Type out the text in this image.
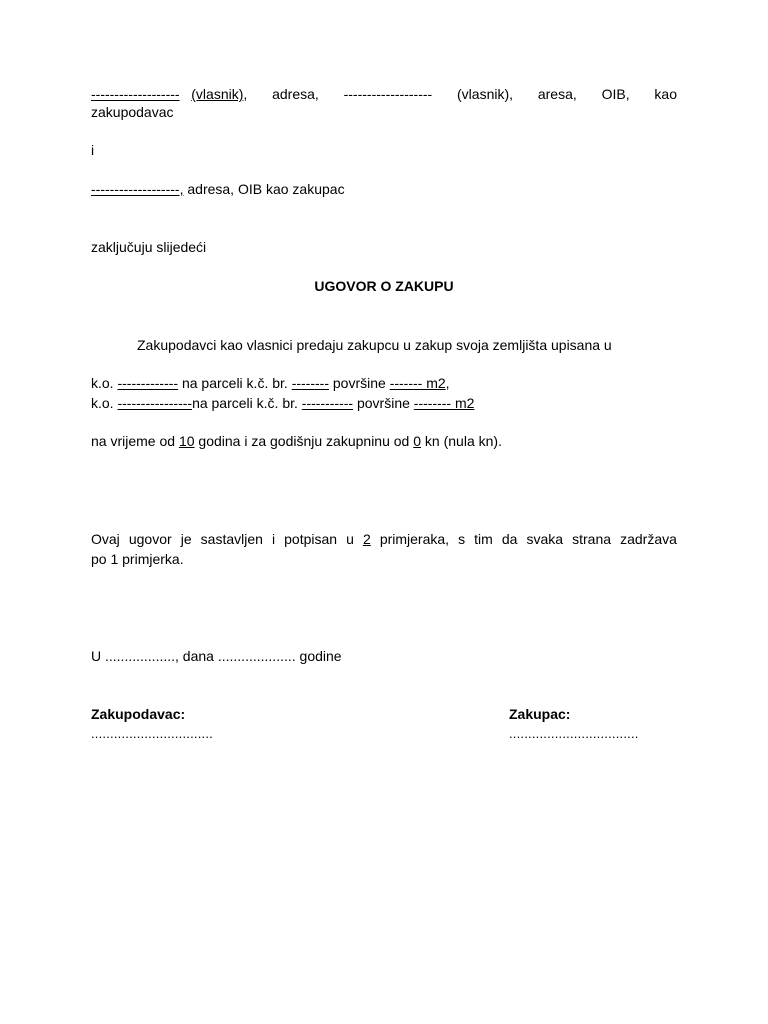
------------------- (vlasnik), adresa, ------------------- (vlasnik), aresa, OIB, kao
zakupodavac
i
-------------------, adresa, OIB kao zakupac
zaključuju slijedeći
UGOVOR O ZAKUPU
Zakupodavci kao vlasnici predaju zakupcu u zakup svoja zemljišta upisana u
k.o. ------------- na parceli k.č. br. -------- površine ------- m2,
k.o. ----------------na parceli k.č. br. ----------- površine -------- m2
na vrijeme od 10 godina i za godišnju zakupninu od 0 kn (nula kn).
Ovaj ugovor je sastavljen i potpisan u 2 primjeraka, s tim da svaka strana zadržava
po 1 primjerka.
U .................., dana .................... godine
Zakupodavac:
................................
Zakupac:
..................................
